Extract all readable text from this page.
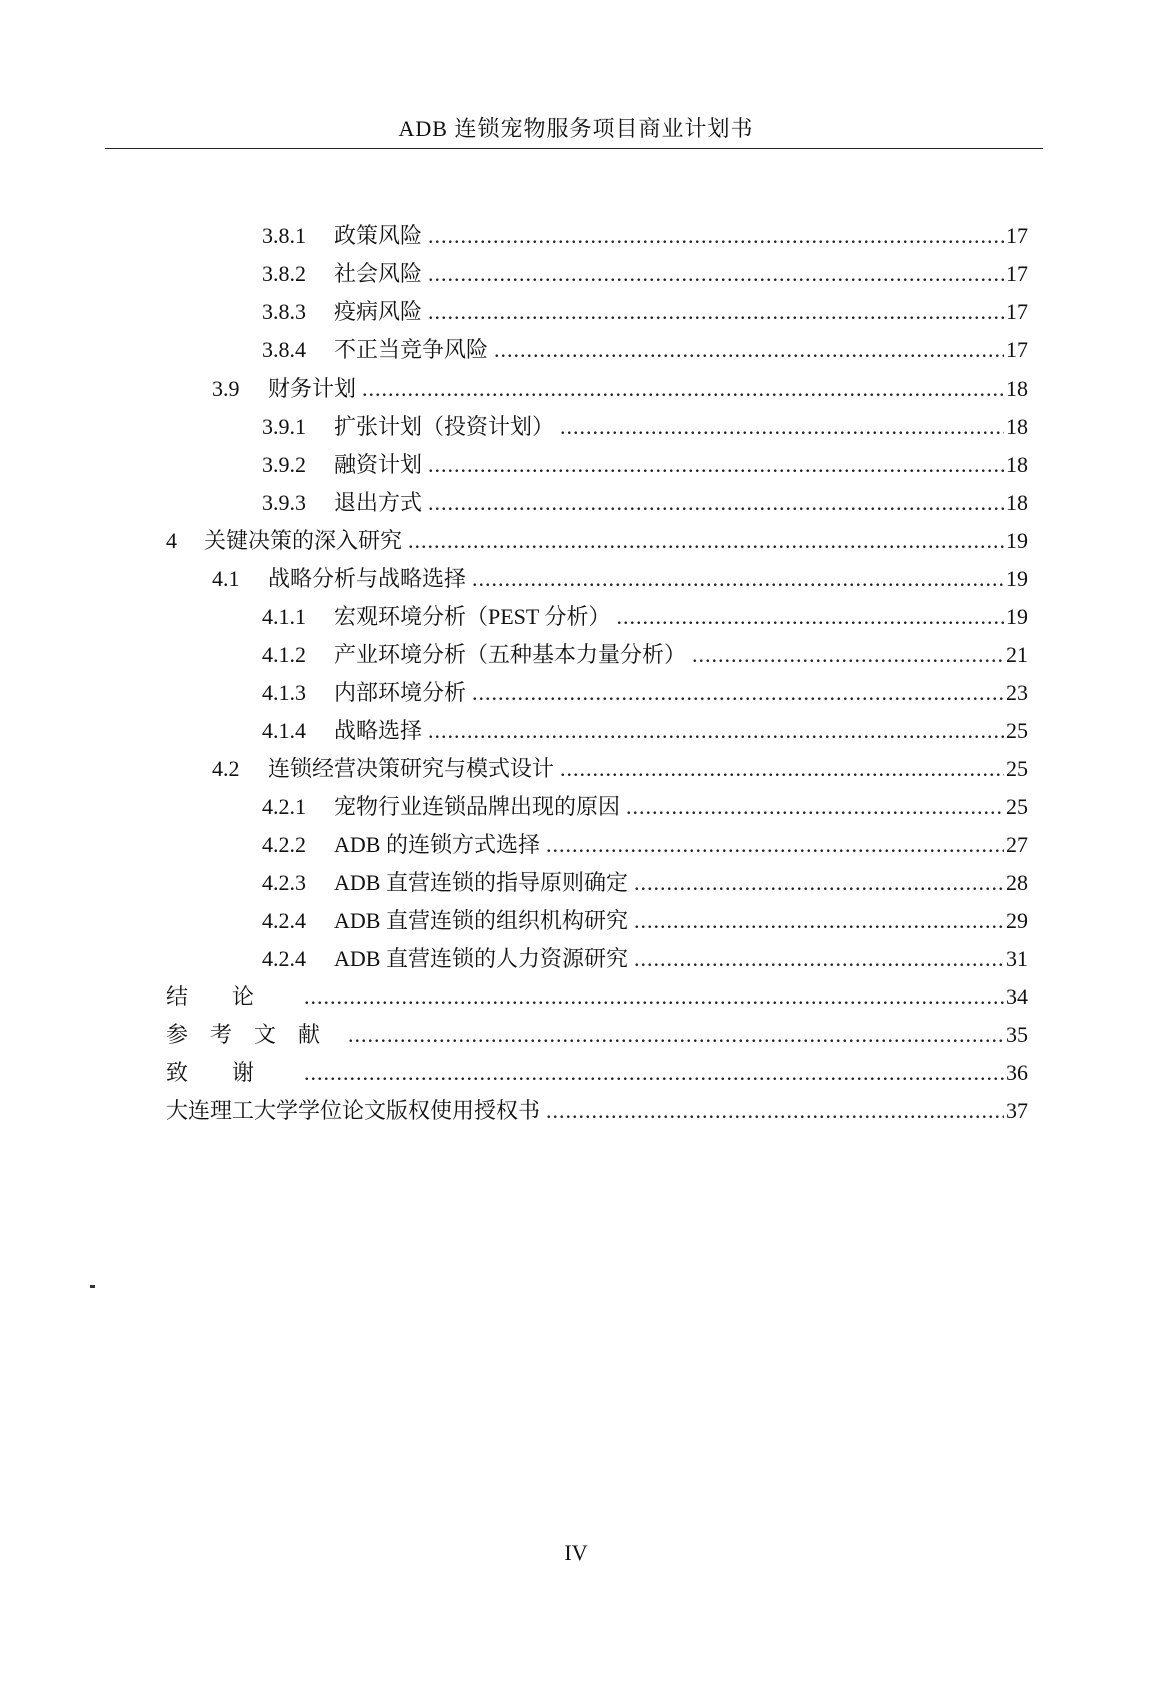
ADB 连锁宠物服务项目商业计划书
3.8.1	政策风险 .....	17
3.8.2	社会风险 .....	17
3.8.3	疫病风险 .....	17
3.8.4	不正当竞争风险 .....	17
3.9	财务计划 .....	18
3.9.1	扩张计划（投资计划） .....	18
3.9.2	融资计划 .....	18
3.9.3	退出方式 .....	18
4	关键决策的深入研究 .....	19
4.1	战略分析与战略选择 .....	19
4.1.1	宏观环境分析（PEST 分析） .....	19
4.1.2	产业环境分析（五种基本力量分析） .....	21
4.1.3	内部环境分析 .....	23
4.1.4	战略选择 .....	25
4.2	连锁经营决策研究与模式设计 .....	25
4.2.1	宠物行业连锁品牌出现的原因 .....	25
4.2.2	ADB 的连锁方式选择 .....	27
4.2.3	ADB 直营连锁的指导原则确定 .....	28
4.2.4	ADB 直营连锁的组织机构研究 .....	29
4.2.4	ADB 直营连锁的人力资源研究 .....	31
结论 .....	34
参考文献 .....	35
致谢 .....	36
大连理工大学学位论文版权使用授权书 .....	37
IV
